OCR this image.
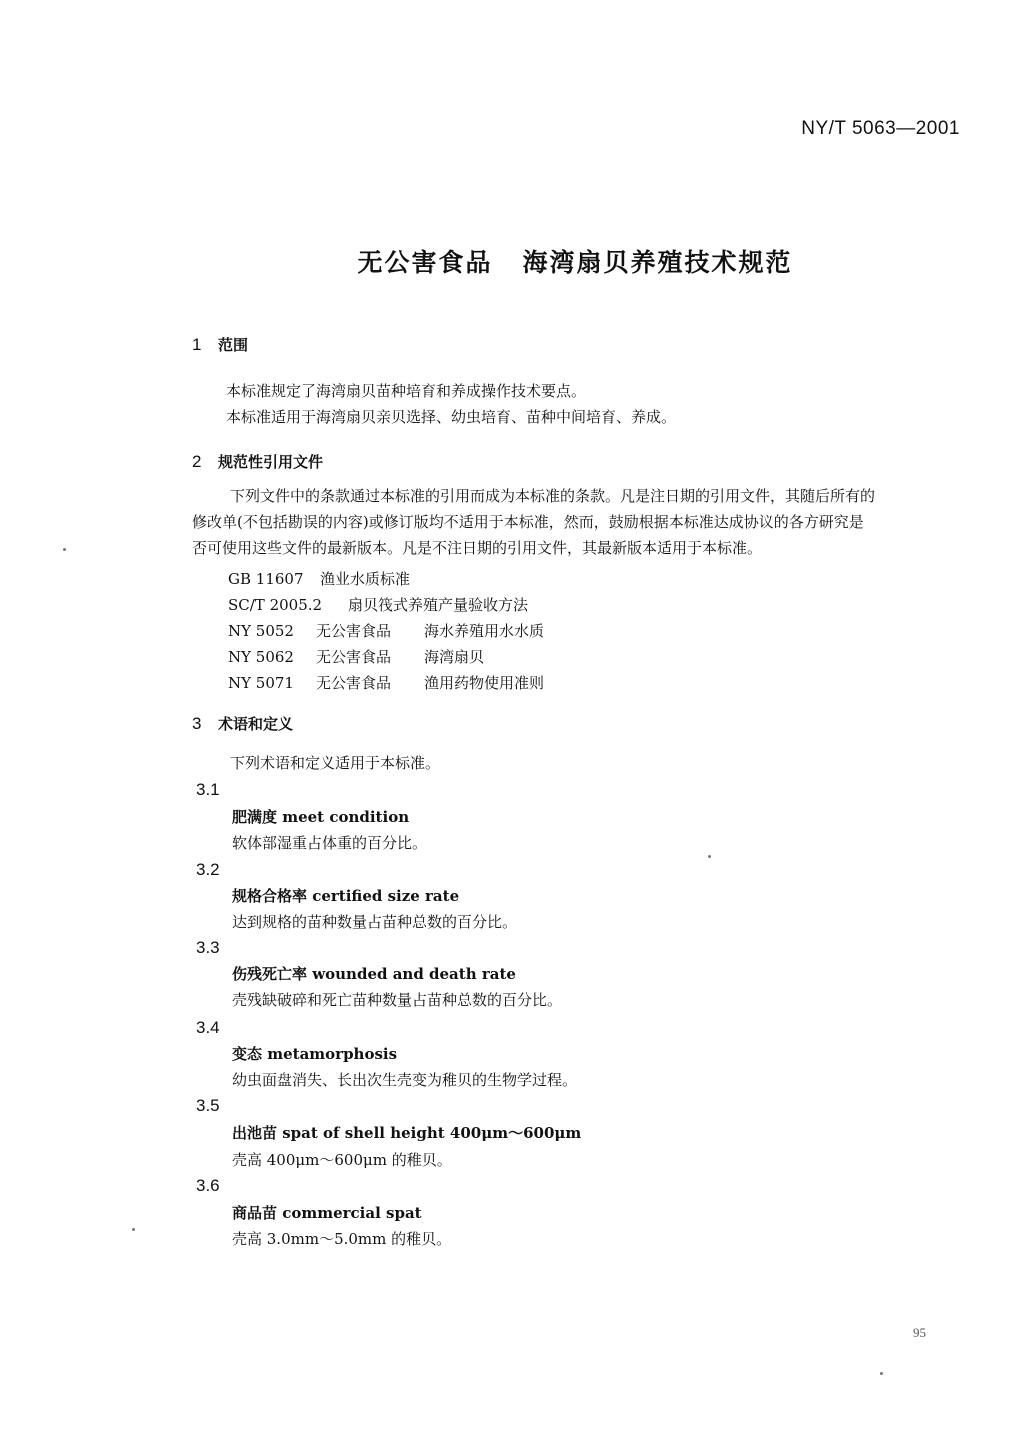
NY/T 5063—2001
无公害食品 海湾扇贝养殖技术规范
1 范围
本标准规定了海湾扇贝苗种培育和养成操作技术要点。
本标准适用于海湾扇贝亲贝选择、幼虫培育、苗种中间培育、养成。
2 规范性引用文件
下列文件中的条款通过本标准的引用而成为本标准的条款。凡是注日期的引用文件，其随后所有的
修改单(不包括勘误的内容)或修订版均不适用于本标准，然而，鼓励根据本标准达成协议的各方研究是
否可使用这些文件的最新版本。凡是不注日期的引用文件，其最新版本适用于本标准。
GB 11607 渔业水质标准
SC/T 2005.2 扇贝筏式养殖产量验收方法
NY 5052 无公害食品 海水养殖用水水质
NY 5062 无公害食品 海湾扇贝
NY 5071 无公害食品 渔用药物使用准则
3 术语和定义
下列术语和定义适用于本标准。
3.1
肥满度 meet condition
软体部湿重占体重的百分比。
3.2
规格合格率 certified size rate
达到规格的苗种数量占苗种总数的百分比。
3.3
伤残死亡率 wounded and death rate
壳残缺破碎和死亡苗种数量占苗种总数的百分比。
3.4
变态 metamorphosis
幼虫面盘消失、长出次生壳变为稚贝的生物学过程。
3.5
出池苗 spat of shell height 400μm～600μm
壳高 400μm～600μm 的稚贝。
3.6
商品苗 commercial spat
壳高 3.0mm～5.0mm 的稚贝。
95
